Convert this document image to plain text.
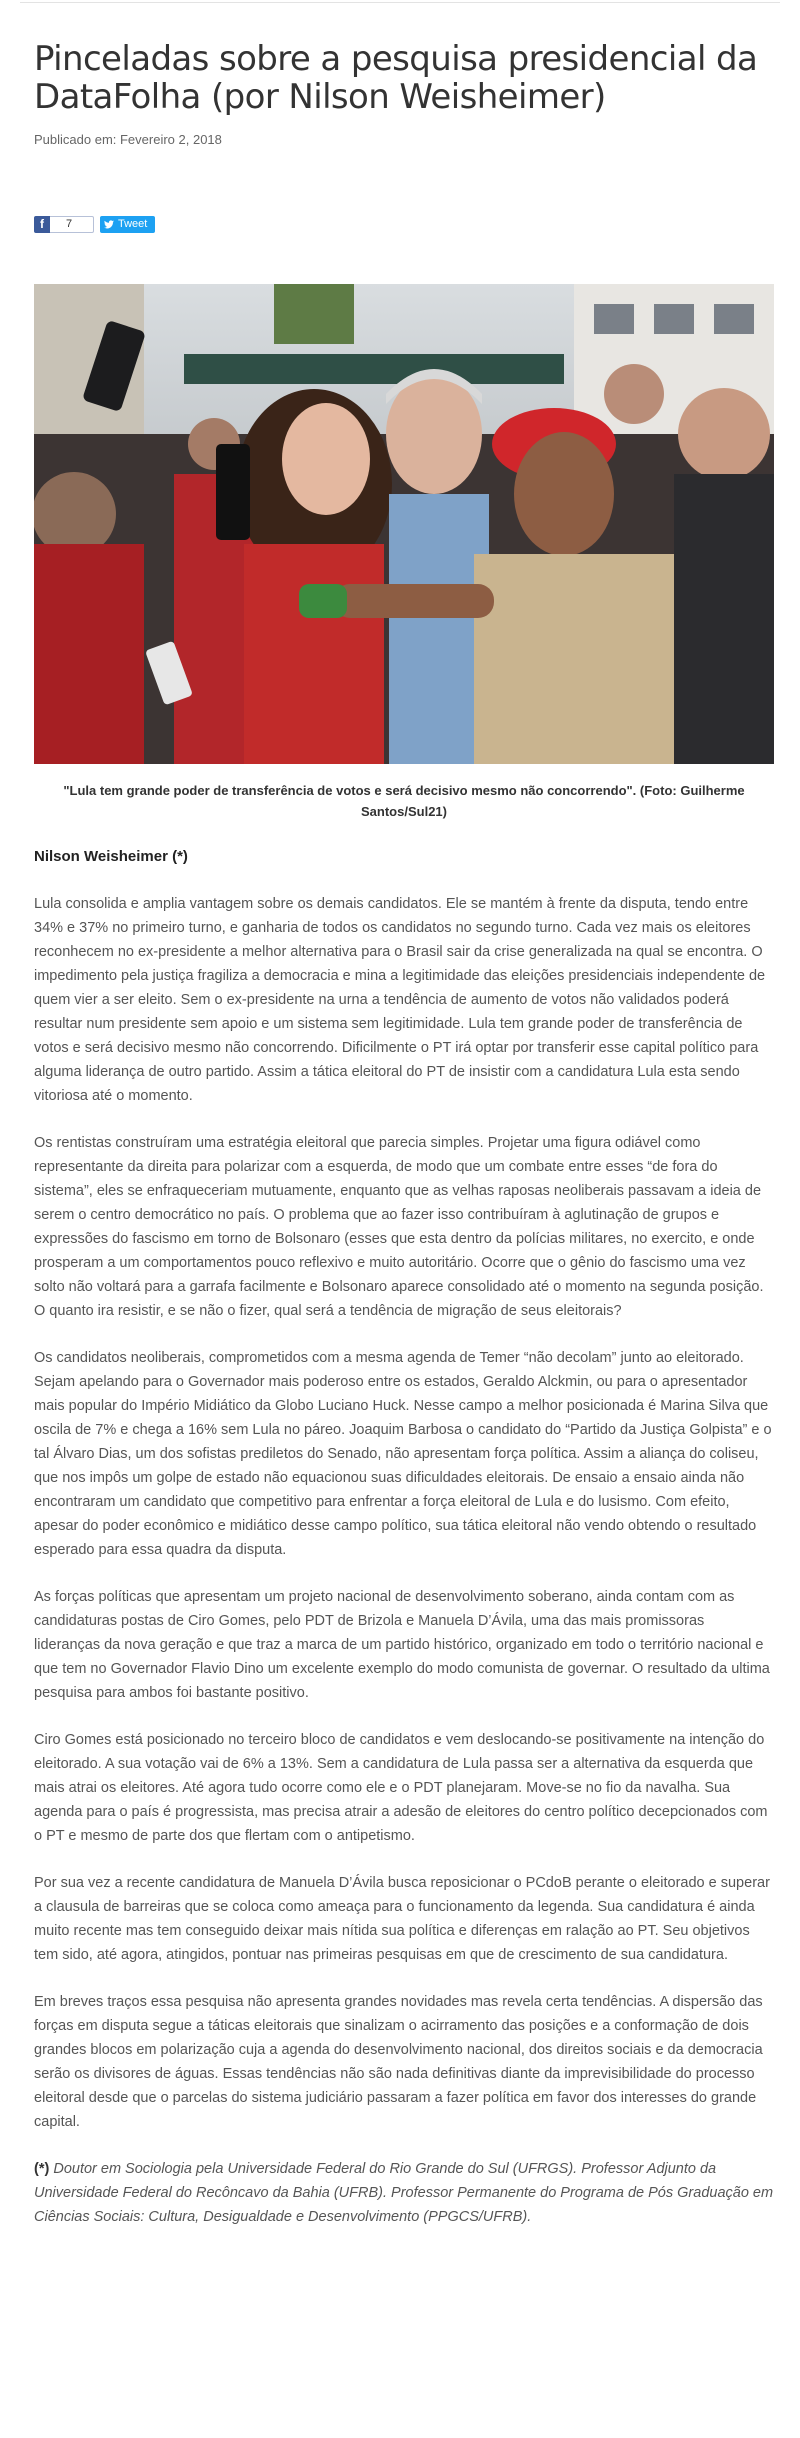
Pinceladas sobre a pesquisa presidencial da DataFolha (por Nilson Weisheimer)
Publicado em: Fevereiro 2, 2018
f	7	Tweet
"Lula tem grande poder de transferência de votos e será decisivo mesmo não concorrendo". (Foto: Guilherme Santos/Sul21)
Nilson Weisheimer (*)

Lula consolida e amplia vantagem sobre os demais candidatos. Ele se mantém à frente da disputa, tendo entre 34% e 37% no primeiro turno, e ganharia de todos os candidatos no segundo turno. Cada vez mais os eleitores reconhecem no ex-presidente a melhor alternativa para o Brasil sair da crise generalizada na qual se encontra. O impedimento pela justiça fragiliza a democracia e mina a legitimidade das eleições presidenciais independente de quem vier a ser eleito. Sem o ex-presidente na urna a tendência de aumento de votos não validados poderá resultar num presidente sem apoio e um sistema sem legitimidade. Lula tem grande poder de transferência de votos e será decisivo mesmo não concorrendo. Dificilmente o PT irá optar por transferir esse capital político para alguma liderança de outro partido. Assim a tática eleitoral do PT de insistir com a candidatura Lula esta sendo vitoriosa até o momento.

Os rentistas construíram uma estratégia eleitoral que parecia simples. Projetar uma figura odiável como representante da direita para polarizar com a esquerda, de modo que um combate entre esses “de fora do sistema”, eles se enfraqueceriam mutuamente, enquanto que as velhas raposas neoliberais passavam a ideia de serem o centro democrático no país. O problema que ao fazer isso contribuíram à aglutinação de grupos e expressões do fascismo em torno de Bolsonaro (esses que esta dentro da polícias militares, no exercito, e onde prosperam a um comportamentos pouco reflexivo e muito autoritário. Ocorre que o gênio do fascismo uma vez solto não voltará para a garrafa facilmente e Bolsonaro aparece consolidado até o momento na segunda posição. O quanto ira resistir, e se não o fizer, qual será a tendência de migração de seus eleitorais?

Os candidatos neoliberais, comprometidos com a mesma agenda de Temer “não decolam” junto ao eleitorado. Sejam apelando para o Governador mais poderoso entre os estados, Geraldo Alckmin, ou para o apresentador mais popular do Império Midiático da Globo Luciano Huck. Nesse campo a melhor posicionada é Marina Silva que oscila de 7% e chega a 16% sem Lula no páreo. Joaquim Barbosa o candidato do “Partido da Justiça Golpista” e o tal Álvaro Dias, um dos sofistas prediletos do Senado, não apresentam força política. Assim a aliança do coliseu, que nos impôs um golpe de estado não equacionou suas dificuldades eleitorais. De ensaio a ensaio ainda não encontraram um candidato que competitivo para enfrentar a força eleitoral de Lula e do lusismo. Com efeito, apesar do poder econômico e midiático desse campo político, sua tática eleitoral não vendo obtendo o resultado esperado para essa quadra da disputa.

As forças políticas que apresentam um projeto nacional de desenvolvimento soberano, ainda contam com as candidaturas postas de Ciro Gomes, pelo PDT de Brizola e Manuela D’Ávila, uma das mais promissoras lideranças da nova geração e que traz a marca de um partido histórico, organizado em todo o território nacional e que tem no Governador Flavio Dino um excelente exemplo do modo comunista de governar. O resultado da ultima pesquisa para ambos foi bastante positivo.

Ciro Gomes está posicionado no terceiro bloco de candidatos e vem deslocando-se positivamente na intenção do eleitorado. A sua votação vai de 6% a 13%. Sem a candidatura de Lula passa ser a alternativa da esquerda que mais atrai os eleitores. Até agora tudo ocorre como ele e o PDT planejaram. Move-se no fio da navalha. Sua agenda para o país é progressista, mas precisa atrair a adesão de eleitores do centro político decepcionados com o PT e mesmo de parte dos que flertam com o antipetismo.

Por sua vez a recente candidatura de Manuela D’Ávila busca reposicionar o PCdoB perante o eleitorado e superar a clausula de barreiras que se coloca como ameaça para o funcionamento da legenda. Sua candidatura é ainda muito recente mas tem conseguido deixar mais nítida sua política e diferenças em ralação ao PT. Seu objetivos tem sido, até agora, atingidos, pontuar nas primeiras pesquisas em que de crescimento de sua candidatura.

Em breves traços essa pesquisa não apresenta grandes novidades mas revela certa tendências. A dispersão das forças em disputa segue a táticas eleitorais que sinalizam o acirramento das posições e a conformação de dois grandes blocos em polarização cuja a agenda do desenvolvimento nacional, dos direitos sociais e da democracia serão os divisores de águas. Essas tendências não são nada definitivas diante da imprevisibilidade do processo eleitoral desde que o parcelas do sistema judiciário passaram a fazer política em favor dos interesses do grande capital.

(*) Doutor em Sociologia pela Universidade Federal do Rio Grande do Sul (UFRGS). Professor Adjunto da Universidade Federal do Recôncavo da Bahia (UFRB). Professor Permanente do Programa de Pós Graduação em Ciências Sociais: Cultura, Desigualdade e Desenvolvimento (PPGCS/UFRB).
